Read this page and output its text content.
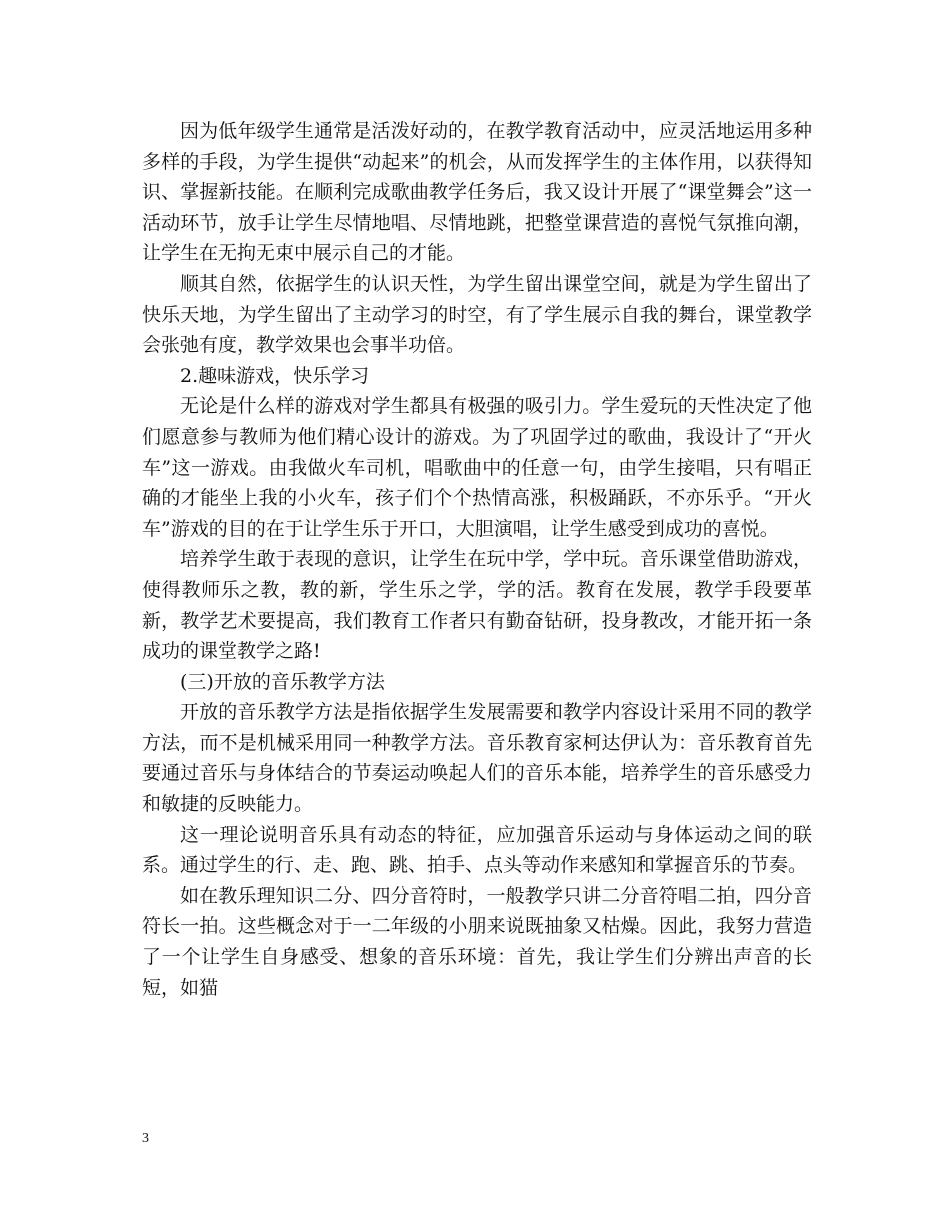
因为低年级学生通常是活泼好动的，在教学教育活动中，应灵活地运用多种多样的手段，为学生提供“动起来”的机会，从而发挥学生的主体作用，以获得知识、掌握新技能。在顺利完成歌曲教学任务后，我又设计开展了“课堂舞会”这一活动环节，放手让学生尽情地唱、尽情地跳，把整堂课营造的喜悦气氛推向潮，让学生在无拘无束中展示自己的才能。

顺其自然，依据学生的认识天性，为学生留出课堂空间，就是为学生留出了快乐天地，为学生留出了主动学习的时空，有了学生展示自我的舞台，课堂教学会张弛有度，教学效果也会事半功倍。

2.趣味游戏，快乐学习

无论是什么样的游戏对学生都具有极强的吸引力。学生爱玩的天性决定了他们愿意参与教师为他们精心设计的游戏。为了巩固学过的歌曲，我设计了“开火车”这一游戏。由我做火车司机，唱歌曲中的任意一句，由学生接唱，只有唱正确的才能坐上我的小火车，孩子们个个热情高涨，积极踊跃，不亦乐乎。“开火车”游戏的目的在于让学生乐于开口，大胆演唱，让学生感受到成功的喜悦。

培养学生敢于表现的意识，让学生在玩中学，学中玩。音乐课堂借助游戏，使得教师乐之教，教的新，学生乐之学，学的活。教育在发展，教学手段要革新，教学艺术要提高，我们教育工作者只有勤奋钻研，投身教改，才能开拓一条成功的课堂教学之路!

(三)开放的音乐教学方法

开放的音乐教学方法是指依据学生发展需要和教学内容设计采用不同的教学方法，而不是机械采用同一种教学方法。音乐教育家柯达伊认为：音乐教育首先要通过音乐与身体结合的节奏运动唤起人们的音乐本能，培养学生的音乐感受力和敏捷的反映能力。

这一理论说明音乐具有动态的特征，应加强音乐运动与身体运动之间的联系。通过学生的行、走、跑、跳、拍手、点头等动作来感知和掌握音乐的节奏。

如在教乐理知识二分、四分音符时，一般教学只讲二分音符唱二拍，四分音符长一拍。这些概念对于一二年级的小朋来说既抽象又枯燥。因此，我努力营造了一个让学生自身感受、想象的音乐环境：首先，我让学生们分辨出声音的长短，如猫

3
